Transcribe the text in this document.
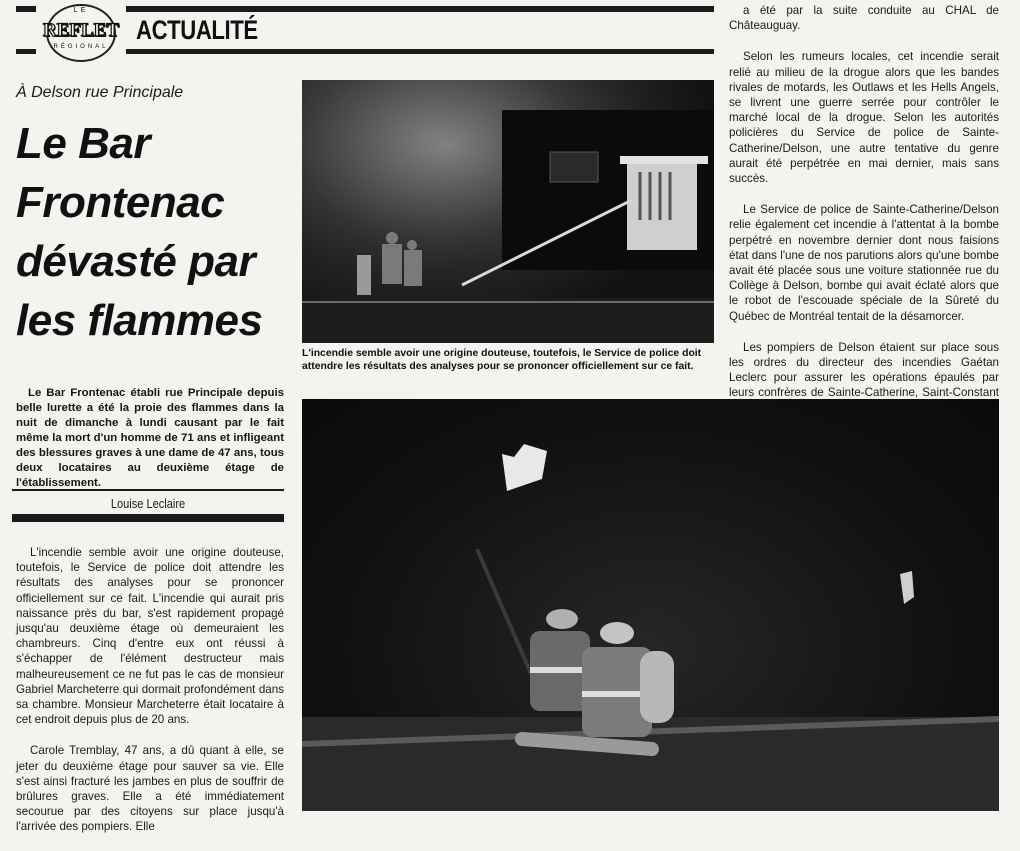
LE
REFLET
RÉGIONAL
ACTUALITÉ
À Delson rue Principale
Le Bar
Frontenac
dévasté par
les flammes
Le Bar Frontenac établi rue Principale depuis belle lurette a été la proie des flammes dans la nuit de dimanche à lundi causant par le fait même la mort d'un homme de 71 ans et infligeant des blessures graves à une dame de 47 ans, tous deux locataires au deuxième étage de l'établissement.
Louise Leclaire

L'incendie semble avoir une origine douteuse, toutefois, le Service de police doit attendre les résultats des analyses pour se prononcer officiellement sur ce fait. L'incendie qui aurait pris naissance près du bar, s'est rapidement propagé jusqu'au deuxième étage où demeuraient les chambreurs. Cinq d'entre eux ont réussi à s'échapper de l'élément destructeur mais malheureusement ce ne fut pas le cas de monsieur Gabriel Marcheterre qui dormait profondément dans sa chambre. Monsieur Marcheterre était locataire à cet endroit depuis plus de 20 ans.

Carole Tremblay, 47 ans, a dû quant à elle, se jeter du deuxième étage pour sauver sa vie. Elle s'est ainsi fracturé les jambes en plus de souffrir de brûlures graves. Elle a été immédiatement secourue par des citoyens sur place jusqu'à l'arrivée des pompiers. Elle

a été par la suite conduite au CHAL de Châteauguay.

Selon les rumeurs locales, cet incendie serait relié au milieu de la drogue alors que les bandes rivales de motards, les Outlaws et les Hells Angels, se livrent une guerre serrée pour contrôler le marché local de la drogue. Selon les autorités policières du Service de police de Sainte-Catherine/Delson, une autre tentative du genre aurait été perpétrée en mai dernier, mais sans succès.

Le Service de police de Sainte-Catherine/Delson relie également cet incendie à l'attentat à la bombe perpétré en novembre dernier dont nous faisions état dans l'une de nos parutions alors qu'une bombe avait été placée sous une voiture stationnée rue du Collège à Delson, bombe qui avait éclaté alors que le robot de l'escouade spéciale de la Sûreté du Québec de Montréal tentait de la désamorcer.

Les pompiers de Delson étaient sur place sous les ordres du directeur des incendies Gaétan Leclerc pour assurer les opérations épaulés par leurs confrères de Sainte-Catherine, Saint-Constant

L'incendie semble avoir une origine douteuse, toutefois, le Service de police doit attendre les résultats des analyses pour se prononcer officiellement sur ce fait.
